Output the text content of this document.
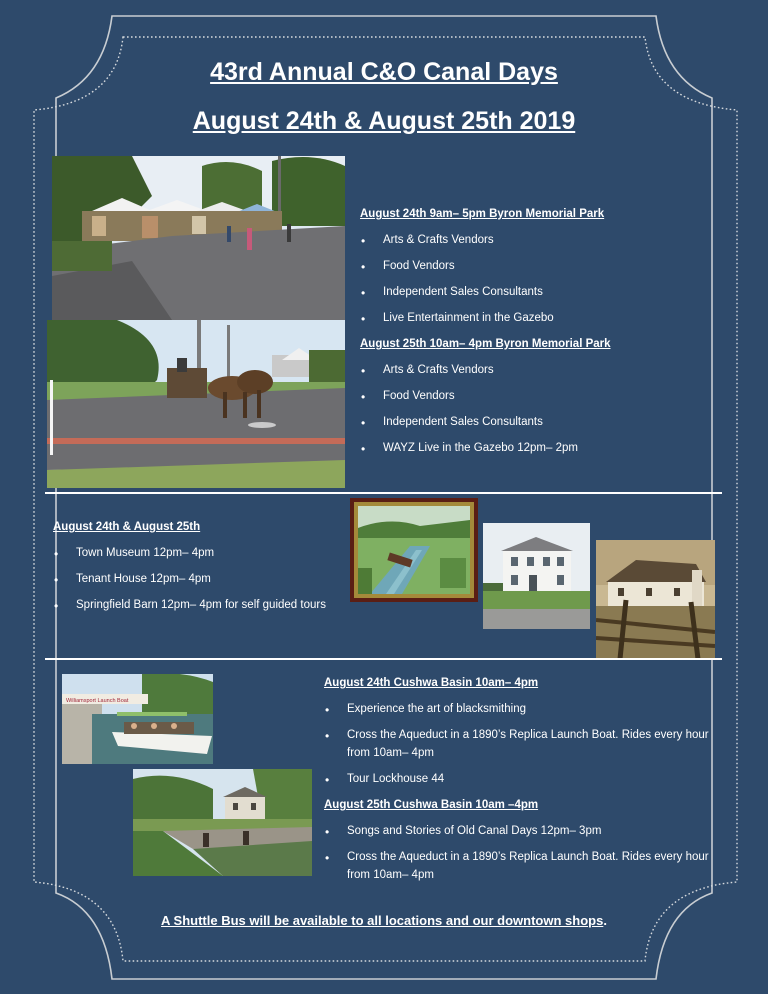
43rd Annual C&O Canal Days
August 24th & August 25th 2019
August 24th 9am– 5pm Byron Memorial Park
• Arts & Crafts Vendors
• Food Vendors
• Independent Sales Consultants
• Live Entertainment in the Gazebo
August 25th 10am– 4pm Byron Memorial Park
• Arts & Crafts Vendors
• Food Vendors
• Independent Sales Consultants
• WAYZ Live in the Gazebo 12pm– 2pm
August 24th & August 25th
• Town Museum 12pm– 4pm
• Tenant House 12pm– 4pm
• Springfield Barn 12pm– 4pm for self guided tours
Williamsport Launch Boat
August 24th Cushwa Basin 10am– 4pm
• Experience the art of blacksmithing
• Cross the Aqueduct in a 1890’s Replica Launch Boat. Rides every hour
from 10am– 4pm
• Tour Lockhouse 44
August 25th Cushwa Basin 10am –4pm
• Songs and Stories of Old Canal Days 12pm– 3pm
• Cross the Aqueduct in a 1890’s Replica Launch Boat. Rides every hour
from 10am– 4pm
A Shuttle Bus will be available to all locations and our downtown shops.
